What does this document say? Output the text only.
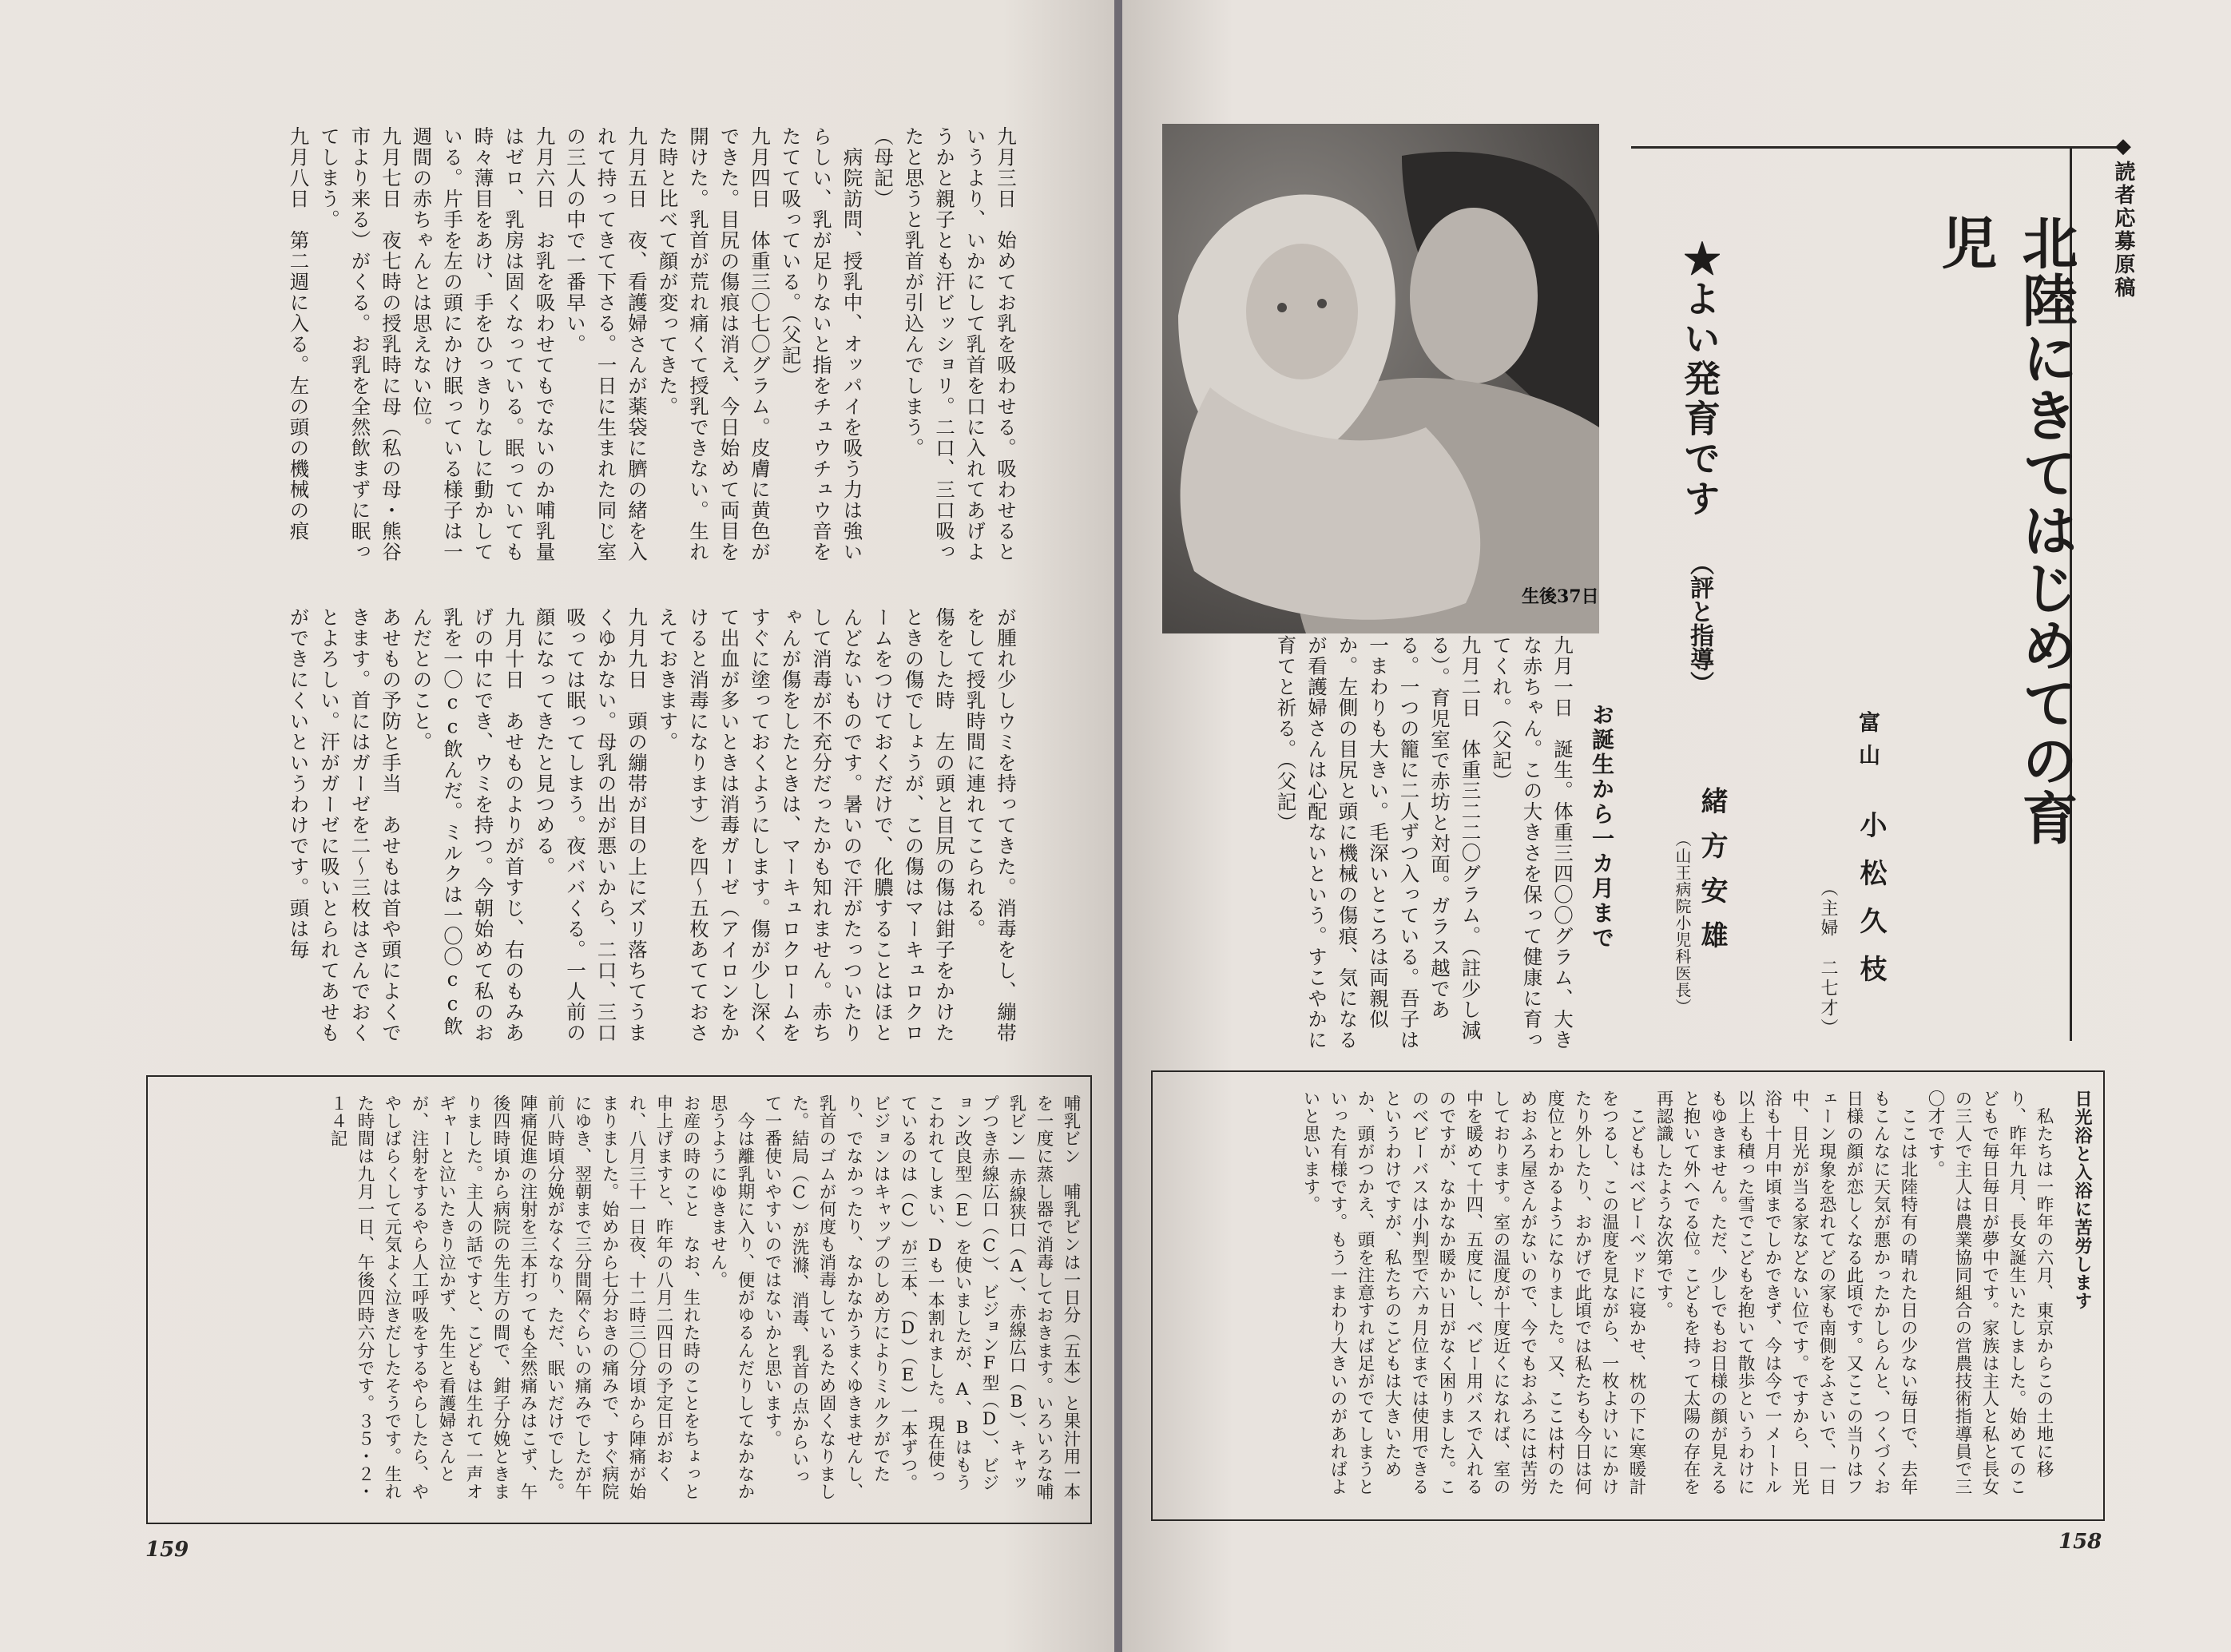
九月三日　始めてお乳を吸わせる。吸わせるというより、いかにして乳首を口に入れてあげようかと親子とも汗ビッショリ。二口、三口吸ったと思うと乳首が引込んでしまう。
（母記）
　病院訪問、授乳中、オッパイを吸う力は強いらしい、乳が足りないと指をチュウチュウ音をたてて吸っている。（父記）
九月四日　体重三〇七〇グラム。皮膚に黄色ができた。目尻の傷痕は消え、今日始めて両目を開けた。乳首が荒れ痛くて授乳できない。生れた時と比べて顔が変ってきた。
九月五日　夜、看護婦さんが薬袋に臍の緒を入れて持ってきて下さる。一日に生まれた同じ室の三人の中で一番早い。
九月六日　お乳を吸わせてもでないのか哺乳量はゼロ、乳房は固くなっている。眠っていても時々薄目をあけ、手をひっきりなしに動かしている。片手を左の頭にかけ眠っている様子は一週間の赤ちゃんとは思えない位。
九月七日　夜七時の授乳時に母（私の母・熊谷市より来る）がくる。お乳を全然飲まずに眠ってしまう。
九月八日　第二週に入る。左の頭の機械の痕
が腫れ少しウミを持ってきた。消毒をし、繃帯をして授乳時間に連れてこられる。
傷をした時　左の頭と目尻の傷は鉗子をかけたときの傷でしょうが、この傷はマーキュロクロームをつけておくだけで、化膿することはほとんどないものです。暑いので汗がたっついたりして消毒が不充分だったかも知れません。赤ちゃんが傷をしたときは、マーキュロクロームをすぐに塗っておくようにします。傷が少し深くて出血が多いときは消毒ガーゼ（アイロンをかけると消毒になります）を四〜五枚あてておさえておきます。
九月九日　頭の繃帯が目の上にズリ落ちてうまくゆかない。母乳の出が悪いから、二口、三口吸っては眠ってしまう。夜ババくる。一人前の顔になってきたと見つめる。
九月十日　あせものよりが首すじ、右のもみあげの中にでき、ウミを持つ。今朝始めて私のお乳を一〇cc飲んだ。ミルクは一〇〇cc飲んだとのこと。
あせもの予防と手当　あせもは首や頭によくできます。首にはガーゼを二〜三枚はさんでおくとよろしい。汗がガーゼに吸いとられてあせもができにくいというわけです。頭は毎
哺乳ビン　哺乳ビンは一日分（五本）と果汁用一本を一度に蒸し器で消毒しておきます。いろいろな哺乳ビン—赤線狭口（A）、赤線広口（B）、キャップつき赤線広口（C）、ビジョンF型（D）、ビジョン改良型（E）を使いましたが、A、Bはもうこわれてしまい、Dも一本割れました。現在使っているのは（C）が三本、（D）（E）一本ずつ。ビジョンはキャップのしめ方によりミルクがでたり、でなかったり、なかなかうまくゆきませんし、乳首のゴムが何度も消毒しているため固くなりました。結局（C）が洗滌、消毒、乳首の点からいって一番使いやすいのではないかと思います。
　今は離乳期に入り、便がゆるんだりしてなかなか思うようにゆきません。
お産の時のこと　なお、生れた時のことをちょっと申上げますと、昨年の八月二四日の予定日がおくれ、八月三十一日夜、十二時三〇分頃から陣痛が始まりました。始めから七分おきの痛みで、すぐ病院にゆき、翌朝まで三分間隔ぐらいの痛みでしたが午前八時頃分娩がなくなり、ただ、眠いだけでした。陣痛促進の注射を三本打っても全然痛みはこず、午後四時頃から病院の先生方の間で、鉗子分娩ときまりました。主人の話ですと、こどもは生れて一声オギャーと泣いたきり泣かず、先生と看護婦さんとが、注射をするやら人工呼吸をするやらしたら、ややしばらくして元気よく泣きだしたそうです。生れた時間は九月一日、午後四時六分です。３５・２・１４記
159
◆読者応募原稿
北陸にきてはじめての育児
富山
小松久枝
（主婦　二七才）
★よい発育です
（評と指導）
緒方安雄
（山王病院小児科医長）
お誕生から一カ月まで
九月一日　誕生。体重三四〇〇グラム、大きな赤ちゃん。この大きさを保って健康に育ってくれ。（父記）
九月二日　体重三二二〇グラム。（註少し減る）。育児室で赤坊と対面。ガラス越である。一つの籠に二人ずつ入っている。吾子は一まわりも大きい。毛深いところは両親似か。左側の目尻と頭に機械の傷痕、気になるが看護婦さんは心配ないという。すこやかに育てと祈る。（父記）
生後37日
日光浴と入浴に苦労します
　私たちは一昨年の六月、東京からこの土地に移り、昨年九月、長女誕生いたしました。始めてのこどもで毎日毎日が夢中です。家族は主人と私と長女の三人で主人は農業協同組合の営農技術指導員で三〇才です。
　ここは北陸特有の晴れた日の少ない毎日で、去年もこんなに天気が悪かったかしらんと、つくづくお日様の顔が恋しくなる此頃です。又ここの当りはフェーン現象を恐れてどの家も南側をふさいで、一日中、日光が当る家などない位です。ですから、日光浴も十月中頃までしかできず、今は今で一メートル以上も積った雪でこどもを抱いて散歩というわけにもゆきません。ただ、少しでもお日様の顔が見えると抱いて外へでる位。こどもを持って太陽の存在を再認識したような次第です。
　こどもはベビーベッドに寝かせ、枕の下に寒暖計をつるし、この温度を見ながら、一枚よけいにかけたり外したり、おかげで此頃では私たちも今日は何度位とわかるようになりました。又、ここは村のためおふろ屋さんがないので、今でもおふろには苦労しております。室の温度が十度近くになれば、室の中を暖めて十四、五度にし、ベビー用バスで入れるのですが、なかなか暖かい日がなく困りました。このベビーバスは小判型で六ヵ月位までは使用できるというわけですが、私たちのこどもは大きいためか、頭がつかえ、頭を注意すれば足がでてしまうといった有様です。もう一まわり大きいのがあればよいと思います。
158
